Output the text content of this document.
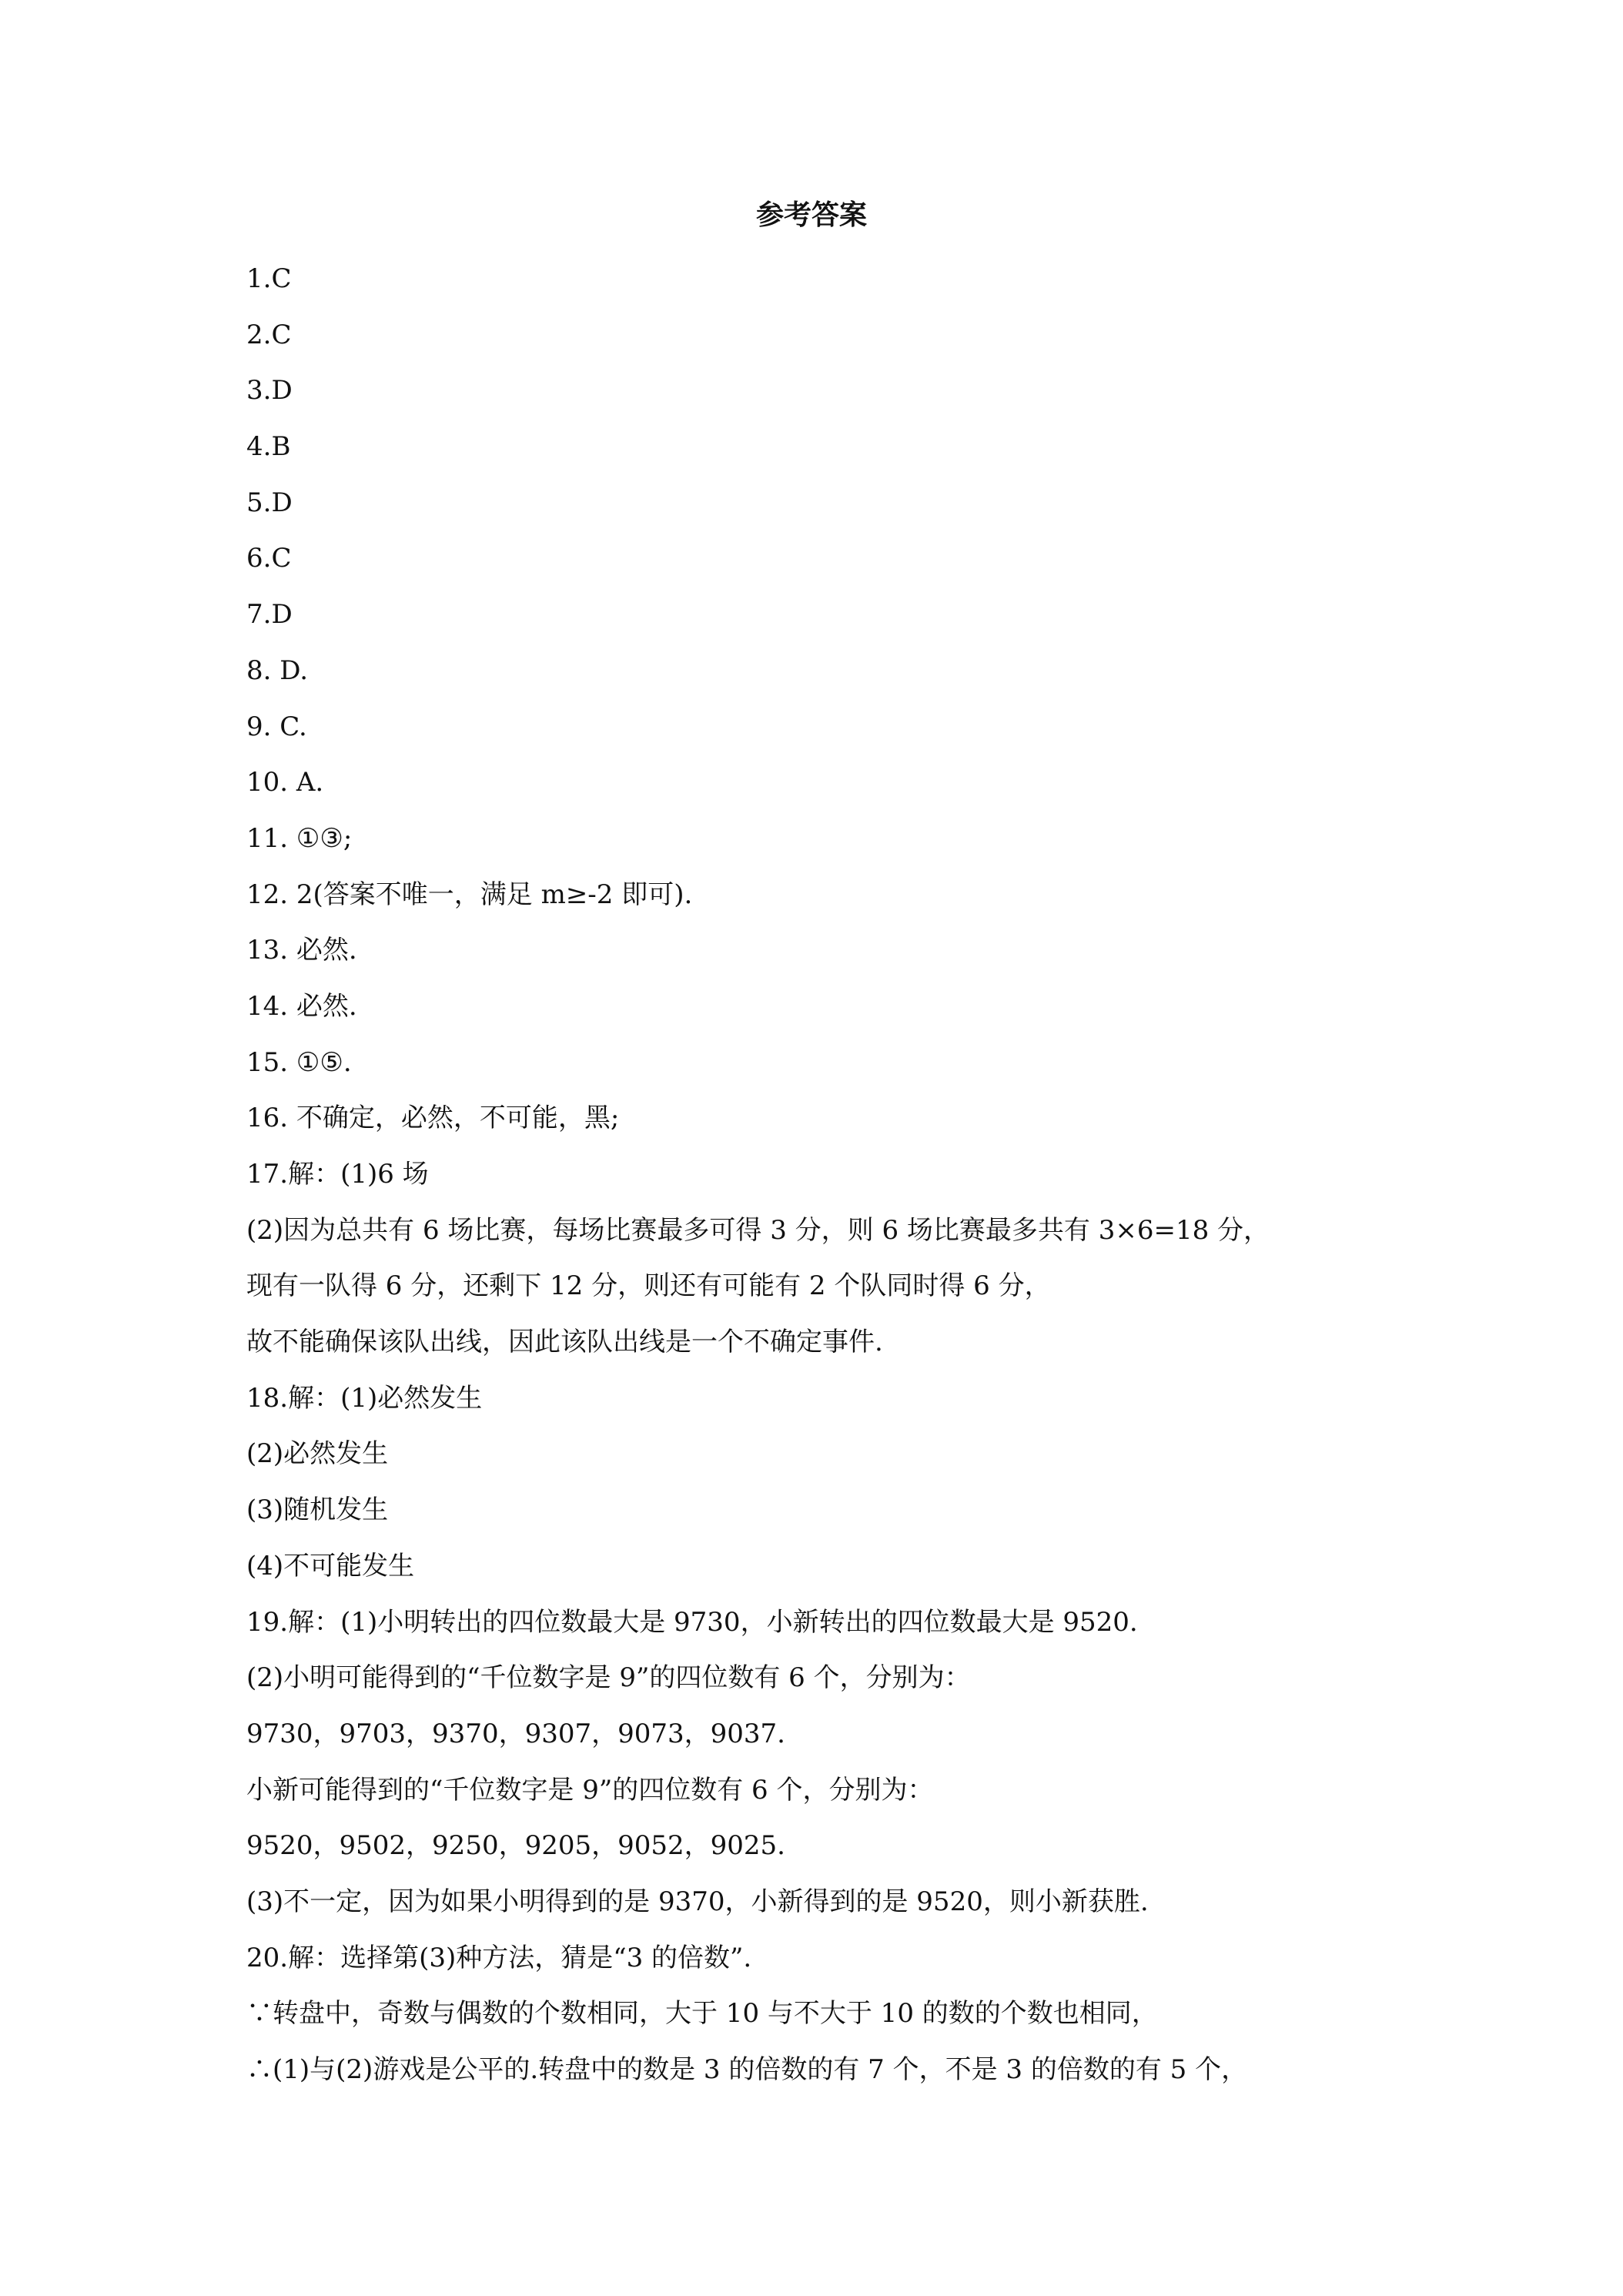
参考答案
1.C
2.C
3.D
4.B
5.D
6.C
7.D
8. D.
9. C.
10. A.
11. ①③;
12. 2(答案不唯一，满足 m≥-2 即可).
13. 必然.
14. 必然.
15. ①⑤.
16. 不确定，必然，不可能，黑;
17.解：(1)6 场
(2)因为总共有 6 场比赛，每场比赛最多可得 3 分，则 6 场比赛最多共有 3×6=18 分，
现有一队得 6 分，还剩下 12 分，则还有可能有 2 个队同时得 6 分，
故不能确保该队出线，因此该队出线是一个不确定事件.
18.解：(1)必然发生
(2)必然发生
(3)随机发生
(4)不可能发生
19.解：(1)小明转出的四位数最大是 9730，小新转出的四位数最大是 9520.
(2)小明可能得到的“千位数字是 9”的四位数有 6 个，分别为：
9730，9703，9370，9307，9073，9037.
小新可能得到的“千位数字是 9”的四位数有 6 个，分别为：
9520，9502，9250，9205，9052，9025.
(3)不一定，因为如果小明得到的是 9370，小新得到的是 9520，则小新获胜.
20.解：选择第(3)种方法，猜是“3 的倍数”.
∵转盘中，奇数与偶数的个数相同，大于 10 与不大于 10 的数的个数也相同，
∴(1)与(2)游戏是公平的.转盘中的数是 3 的倍数的有 7 个，不是 3 的倍数的有 5 个，
